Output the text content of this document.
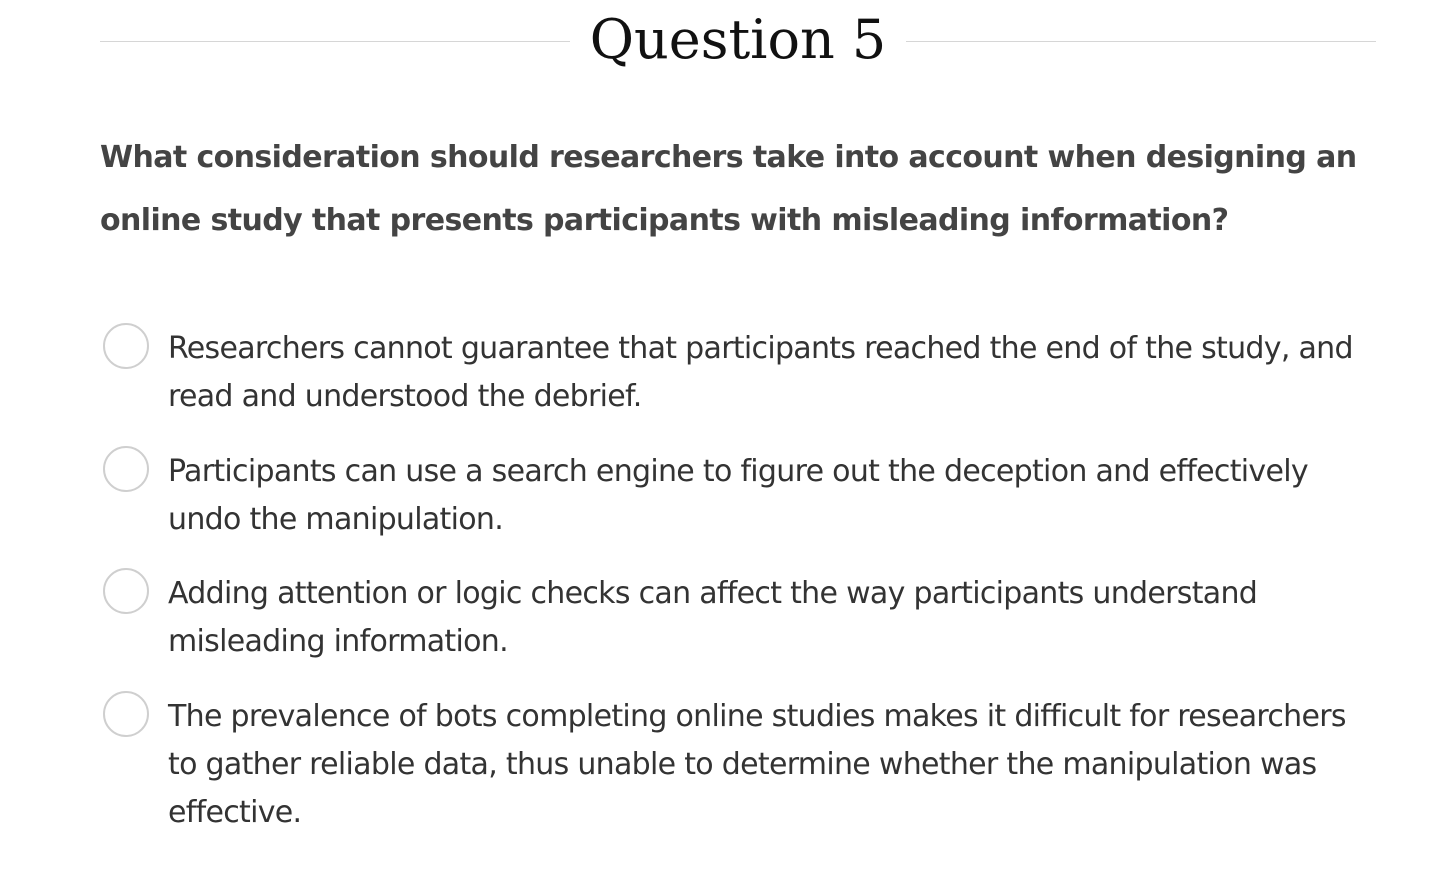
Question 5

What consideration should researchers take into account when designing an online study that presents participants with misleading information?

Researchers cannot guarantee that participants reached the end of the study, and read and understood the debrief.
Participants can use a search engine to figure out the deception and effectively undo the manipulation.
Adding attention or logic checks can affect the way participants understand misleading information.
The prevalence of bots completing online studies makes it difficult for researchers to gather reliable data, thus unable to determine whether the manipulation was effective.
